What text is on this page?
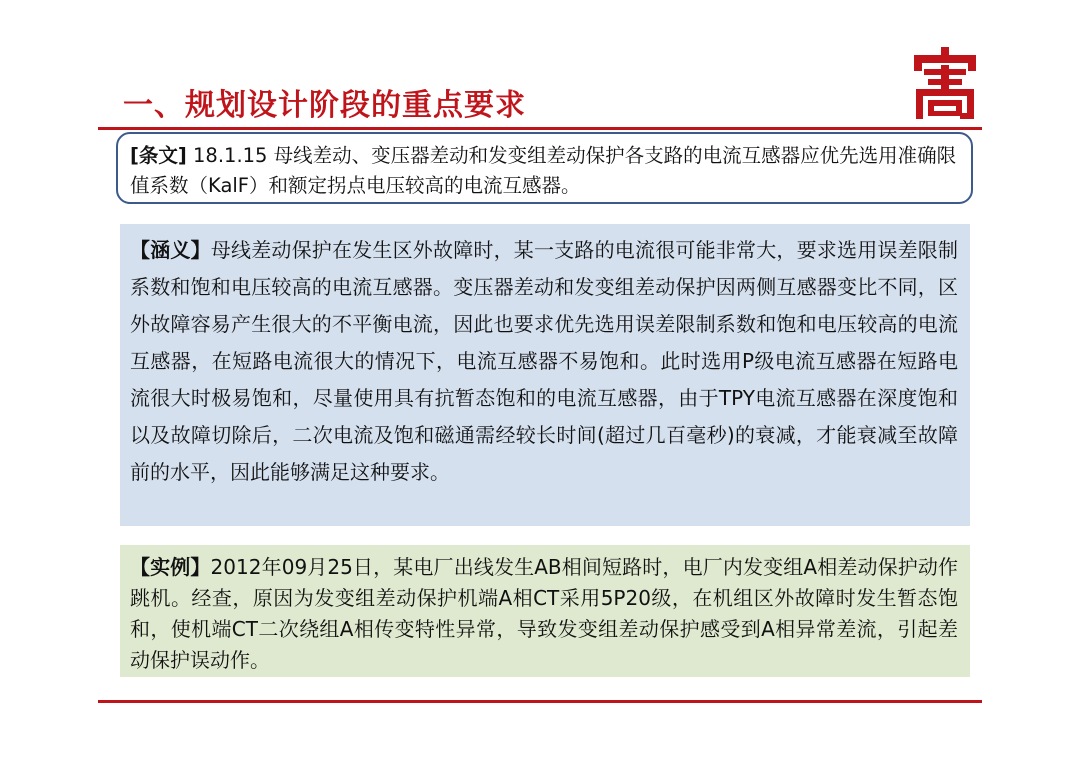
一、规划设计阶段的重点要求
[条文] 18.1.15 母线差动、变压器差动和发变组差动保护各支路的电流互感器应优先选用准确限值系数（KalF）和额定拐点电压较高的电流互感器。
【涵义】母线差动保护在发生区外故障时，某一支路的电流很可能非常大，要求选用误差限制系数和饱和电压较高的电流互感器。变压器差动和发变组差动保护因两侧互感器变比不同，区外故障容易产生很大的不平衡电流，因此也要求优先选用误差限制系数和饱和电压较高的电流互感器，在短路电流很大的情况下，电流互感器不易饱和。此时选用P级电流互感器在短路电流很大时极易饱和，尽量使用具有抗暂态饱和的电流互感器，由于TPY电流互感器在深度饱和以及故障切除后，二次电流及饱和磁通需经较长时间(超过几百毫秒)的衰减，才能衰减至故障前的水平，因此能够满足这种要求。
【实例】2012年09月25日，某电厂出线发生AB相间短路时，电厂内发变组A相差动保护动作跳机。经查，原因为发变组差动保护机端A相CT采用5P20级，在机组区外故障时发生暂态饱和，使机端CT二次绕组A相传变特性异常，导致发变组差动保护感受到A相异常差流，引起差动保护误动作。
